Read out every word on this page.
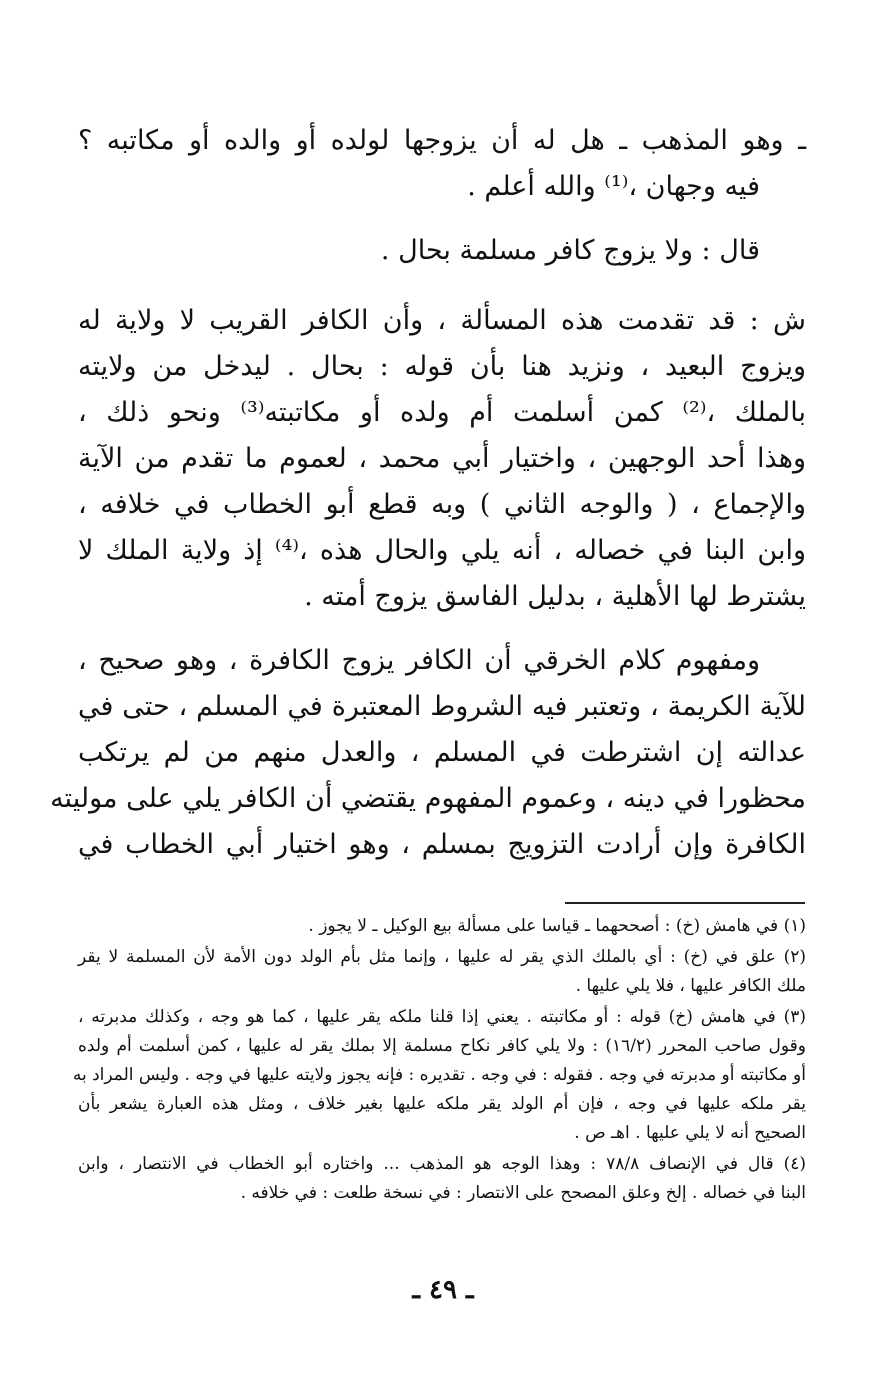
ـ وهو المذهب ـ هل له أن يزوجها لولده أو والده أو مكاتبه ؟
فيه وجهان ،⁽¹⁾ والله أعلم .
قال : ولا يزوج كافر مسلمة بحال .
ش : قد تقدمت هذه المسألة ، وأن الكافر القريب لا ولاية له
ويزوج البعيد ، ونزيد هنا بأن قوله : بحال . ليدخل من ولايته
بالملك ،⁽²⁾ كمن أسلمت أم ولده أو مكاتبته⁽³⁾ ونحو ذلك ،
وهذا أحد الوجهين ، واختيار أبي محمد ، لعموم ما تقدم من الآية
والإجماع ، ( والوجه الثاني ) وبه قطع أبو الخطاب في خلافه ،
وابن البنا في خصاله ، أنه يلي والحال هذه ،⁽⁴⁾ إذ ولاية الملك لا
يشترط لها الأهلية ، بدليل الفاسق يزوج أمته .
ومفهوم كلام الخرقي أن الكافر يزوج الكافرة ، وهو صحيح ،
للآية الكريمة ، وتعتبر فيه الشروط المعتبرة في المسلم ، حتى في
عدالته إن اشترطت في المسلم ، والعدل منهم من لم يرتكب
محظورا في دينه ، وعموم المفهوم يقتضي أن الكافر يلي على موليته
الكافرة وإن أرادت التزويج بمسلم ، وهو اختيار أبي الخطاب في
(١) في هامش (خ) : أصححهما ـ قياسا على مسألة بيع الوكيل ـ لا يجوز .
(٢) علق في (خ) : أي بالملك الذي يقر له عليها ، وإنما مثل بأم الولد دون الأمة لأن المسلمة لا يقر
ملك الكافر عليها ، فلا يلي عليها .
(٣) في هامش (خ) قوله : أو مكاتبته . يعني إذا قلنا ملكه يقر عليها ، كما هو وجه ، وكذلك مدبرته ،
وقول صاحب المحرر (١٦/٢) : ولا يلي كافر نكاح مسلمة إلا بملك يقر له عليها ، كمن أسلمت أم ولده
أو مكاتبته أو مدبرته في وجه . فقوله : في وجه . تقديره : فإنه يجوز ولايته عليها في وجه . وليس المراد به
يقر ملكه عليها في وجه ، فإن أم الولد يقر ملكه عليها بغير خلاف ، ومثل هذه العبارة يشعر بأن
الصحيح أنه لا يلي عليها . اهـ ص .
(٤) قال في الإنصاف ٧٨/٨ : وهذا الوجه هو المذهب ... واختاره أبو الخطاب في الانتصار ، وابن
البنا في خصاله . إلخ وعلق المصحح على الانتصار : في نسخة طلعت : في خلافه .
ـ ٤٩ ـ
